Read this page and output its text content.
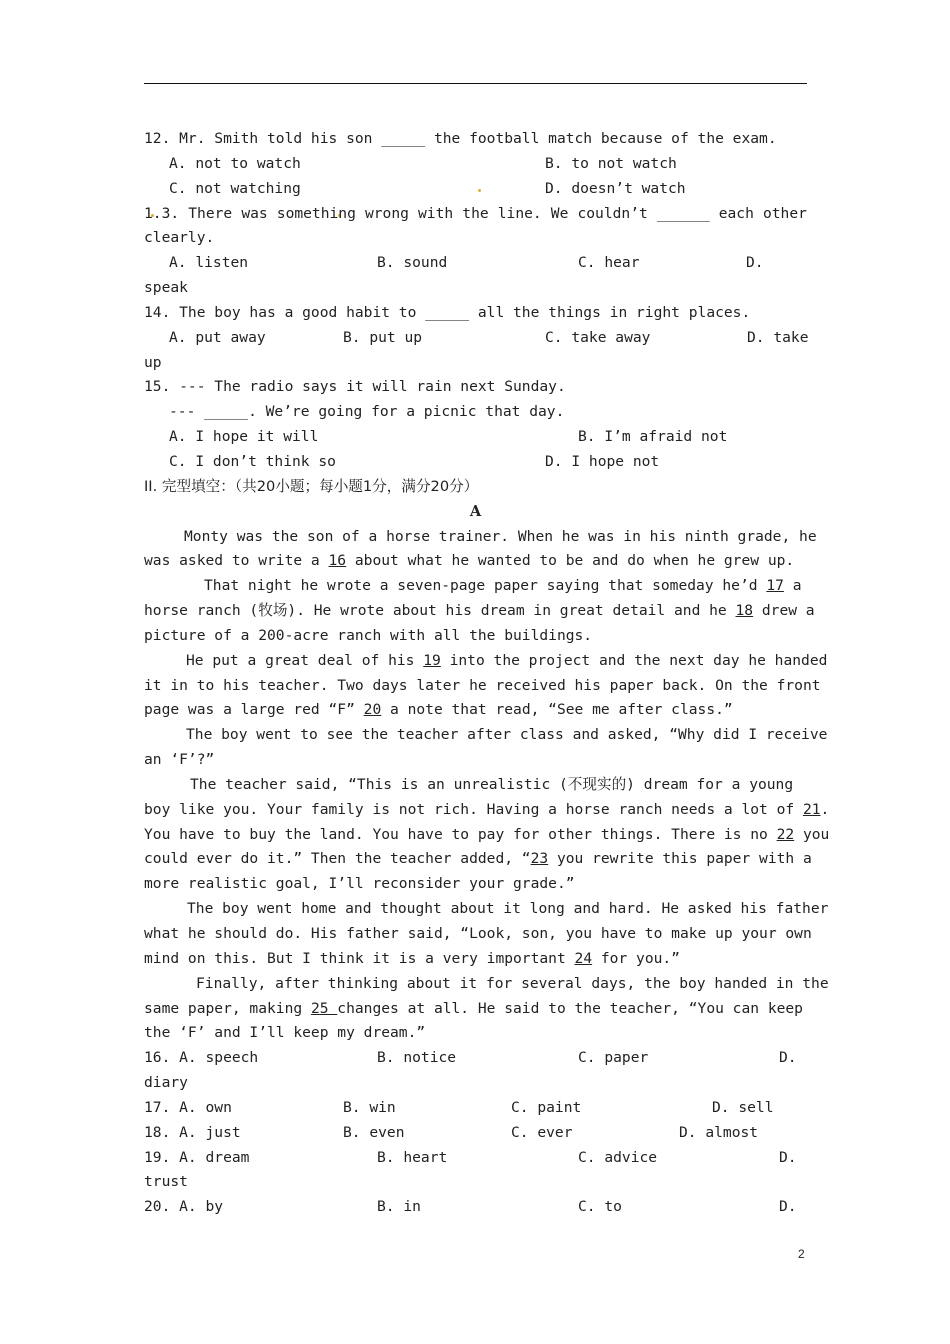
12. Mr. Smith told his son _____ the football match because of the exam.

A. not to watch

	B. to not watch

C. not watching

	D. doesn’t watch

1.3. There was something wrong with the line. We couldn’t ______ each other
clearly.

A. listen

	B. sound

	C. hear

	D.

speak
14. The boy has a good habit to _____ all the things in right places.

A. put away

	B. put up

	C. take away

	D. take

up
15. --- The radio says it will rain next Sunday.
--- _____. We’re going for a picnic that day.

A. I hope it will

	B. I’m afraid not

C. I don’t think so

	D. I hope not

II. 完型填空：（共20小题；每小题1分，满分20分）
A
Monty was the son of a horse trainer. When he was in his ninth grade, he
was asked to write a 16 about what he wanted to be and do when he grew up.
That night he wrote a seven-page paper saying that someday he’d 17 a
horse ranch (牧场). He wrote about his dream in great detail and he 18 drew a
picture of a 200-acre ranch with all the buildings.
He put a great deal of his 19 into the project and the next day he handed
it in to his teacher. Two days later he received his paper back. On the front
page was a large red “F” 20 a note that read, “See me after class.”
The boy went to see the teacher after class and asked, “Why did I receive
an ‘F’?”
The teacher said, “This is an unrealistic (不现实的) dream for a young
boy like you. Your family is not rich. Having a horse ranch needs a lot of 21.
You have to buy the land. You have to pay for other things. There is no 22 you
could ever do it.” Then the teacher added, “23 you rewrite this paper with a
more realistic goal, I’ll reconsider your grade.”
The boy went home and thought about it long and hard. He asked his father
what he should do. His father said, “Look, son, you have to make up your own
mind on this. But I think it is a very important 24 for you.”
Finally, after thinking about it for several days, the boy handed in the
same paper, making 25 changes at all. He said to the teacher, “You can keep
the ‘F’ and I’ll keep my dream.”

16. A. speech

	B. notice

	C. paper

	D.

diary

17. A. own

	B. win

	C. paint

	D. sell

18. A. just

	B. even

	C. ever

	D. almost

19. A. dream

	B. heart

	C. advice

	D.

trust

20. A. by

	B. in

	C. to

	D.

2
